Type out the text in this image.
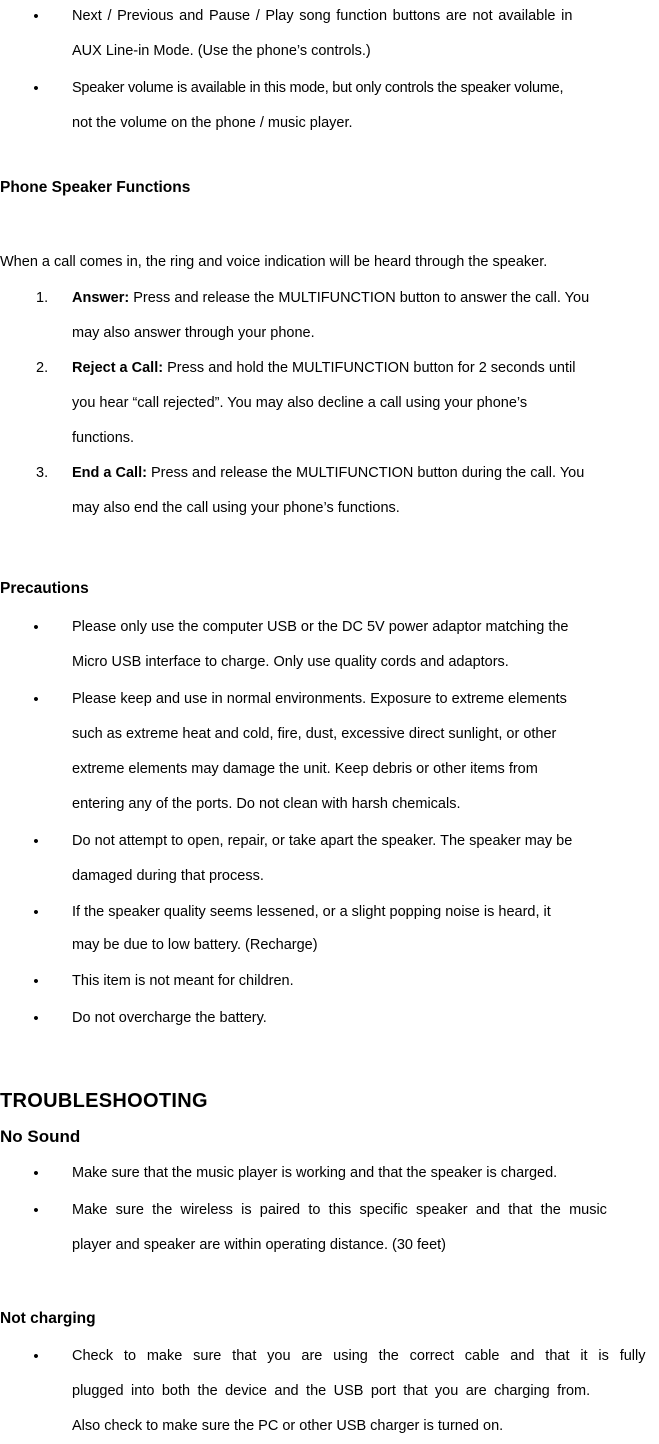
• Next / Previous and Pause / Play song function buttons are not available in
AUX Line-in Mode. (Use the phone’s controls.)
• Speaker volume is available in this mode, but only controls the speaker volume,
not the volume on the phone / music player.
Phone Speaker Functions
When a call comes in, the ring and voice indication will be heard through the speaker.
1. Answer: Press and release the MULTIFUNCTION button to answer the call. You
may also answer through your phone.
2. Reject a Call: Press and hold the MULTIFUNCTION button for 2 seconds until
you hear “call rejected”. You may also decline a call using your phone’s
functions.
3. End a Call: Press and release the MULTIFUNCTION button during the call. You
may also end the call using your phone’s functions.
Precautions
• Please only use the computer USB or the DC 5V power adaptor matching the
Micro USB interface to charge. Only use quality cords and adaptors.
• Please keep and use in normal environments. Exposure to extreme elements
such as extreme heat and cold, fire, dust, excessive direct sunlight, or other
extreme elements may damage the unit. Keep debris or other items from
entering any of the ports. Do not clean with harsh chemicals.
• Do not attempt to open, repair, or take apart the speaker. The speaker may be
damaged during that process.
• If the speaker quality seems lessened, or a slight popping noise is heard, it
may be due to low battery. (Recharge)
• This item is not meant for children.
• Do not overcharge the battery.
TROUBLESHOOTING
No Sound
• Make sure that the music player is working and that the speaker is charged.
• Make sure the wireless is paired to this specific speaker and that the music
player and speaker are within operating distance. (30 feet)
Not charging
• Check to make sure that you are using the correct cable and that it is fully
plugged into both the device and the USB port that you are charging from.
Also check to make sure the PC or other USB charger is turned on.
